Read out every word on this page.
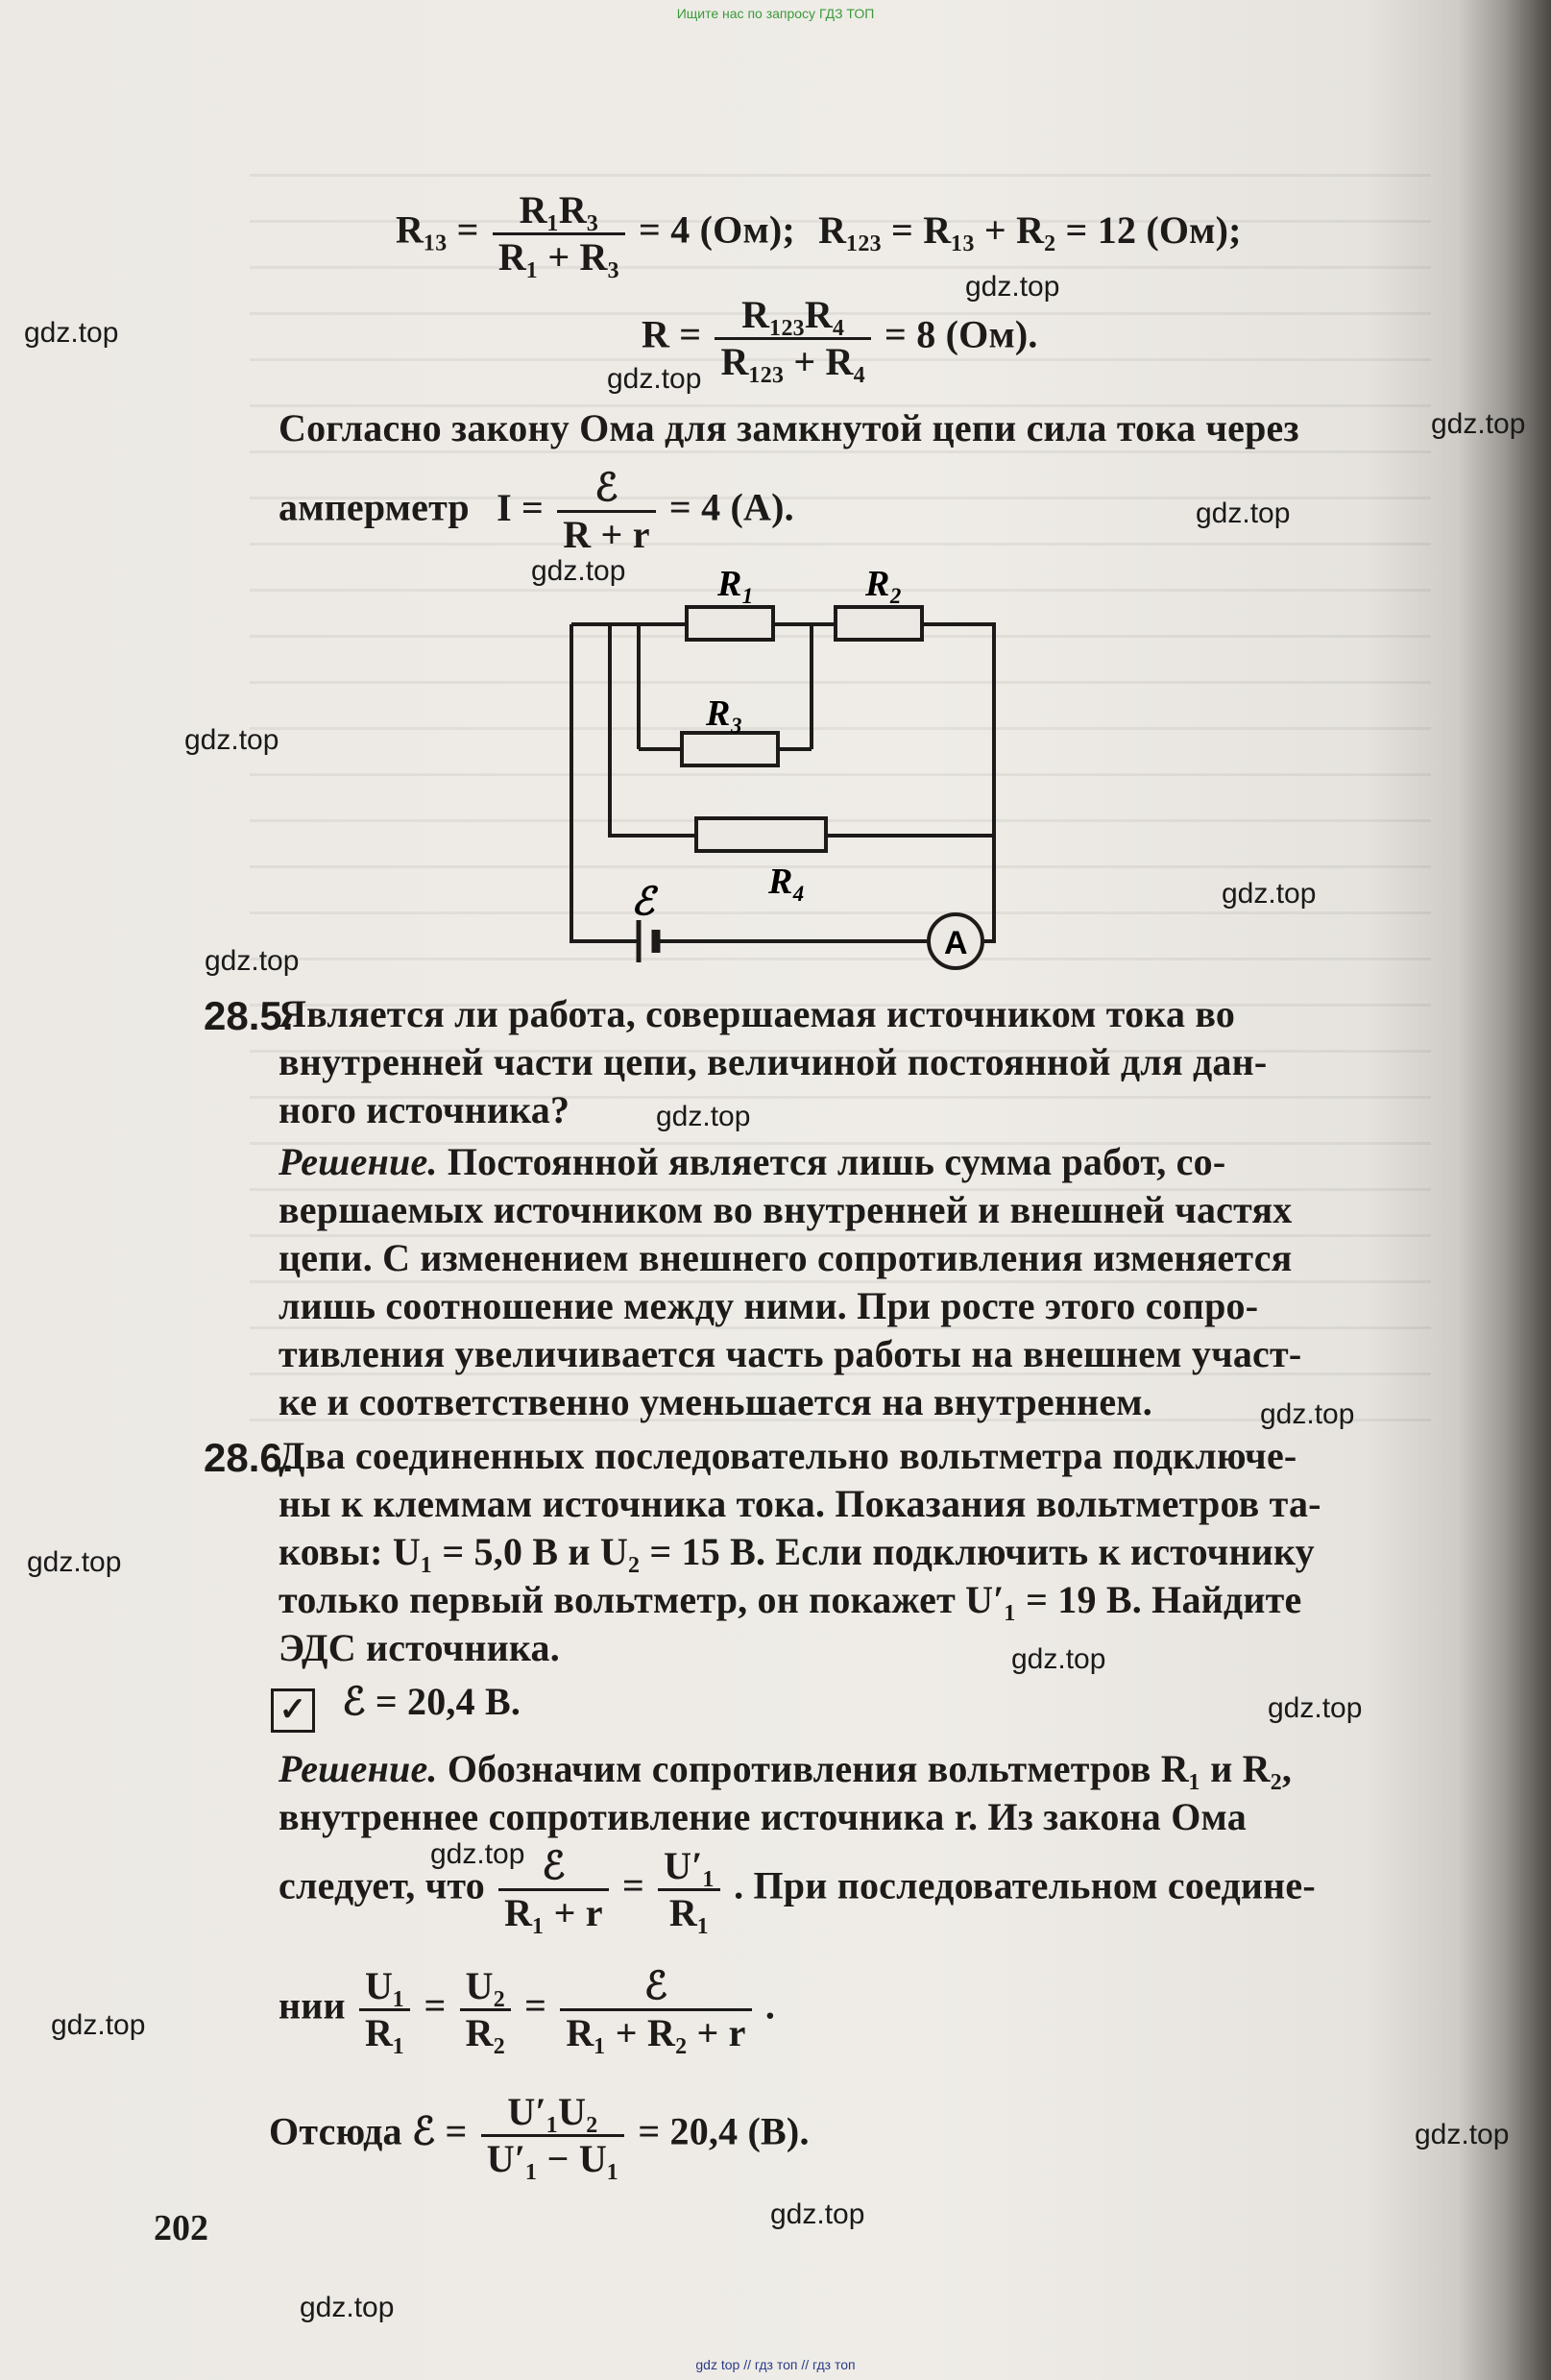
Ищите нас по запросу ГДЗ ТОП
$R_{13} = \frac{\text{R₁R₃}}{\text{R₁ + R₃}} = 4$ (Ом); R₁₂₃ = R₁₃ + R₂ = 12 (Ом);
$R = \frac{\text{R₁₂₃R₄}}{\text{R₁₂₃ + R₄}} = 8$ (Ом).
Согласно закону Ома для замкнутой цепи сила тока через
амперметр $I = \frac{\text{ℰ}}{R + r} = 4$ (А).
R₁	R₂
R₃
R₄
ℰ
A
28.5.
Является ли работа, совершаемая источником тока во
внутренней части цепи, величиной постоянной для дан-
ного источника?
Решение. Постоянной является лишь сумма работ, со-
вершаемых источником во внутренней и внешней частях
цепи. С изменением внешнего сопротивления изменяется
лишь соотношение между ними. При росте этого сопро-
тивления увеличивается часть работы на внешнем участ-
ке и соответственно уменьшается на внутреннем.
28.6.
Два соединенных последовательно вольтметра подключе-
ны к клеммам источника тока. Показания вольтметров та-
ковы: U₁ = 5,0 В и U₂ = 15 В. Если подключить к источнику
только первый вольтметр, он покажет U′₁ = 19 В. Найдите
ЭДС источника.
✓ ℰ = 20,4 В.
Решение. Обозначим сопротивления вольтметров R₁ и R₂,
внутреннее сопротивление источника r. Из закона Ома
следует, что $\frac{\text{ℰ}}{\text{R₁ + r}} = \frac{\text{U′₁}}{\text{R₁}}$ . При последовательном соедине-
нии $\frac{\text{U₁}}{\text{R₁}} = \frac{\text{U₂}}{\text{R₂}} = \frac{\text{ℰ}}{\text{R₁ + R₂ + r}}$ .
Отсюда ℰ = $\frac{\text{U′₁U₂}}{\text{U′₁ − U₁}} = 20,4$ (В).
202
gdz.top
gdz.top
gdz.top
gdz.top
gdz.top
gdz.top
gdz.top
gdz.top
gdz.top
gdz.top
gdz.top
gdz.top
gdz.top
gdz.top
gdz.top
gdz.top
gdz.top
gdz.top
gdz.top
gdz top // гдз топ // гдз топ
